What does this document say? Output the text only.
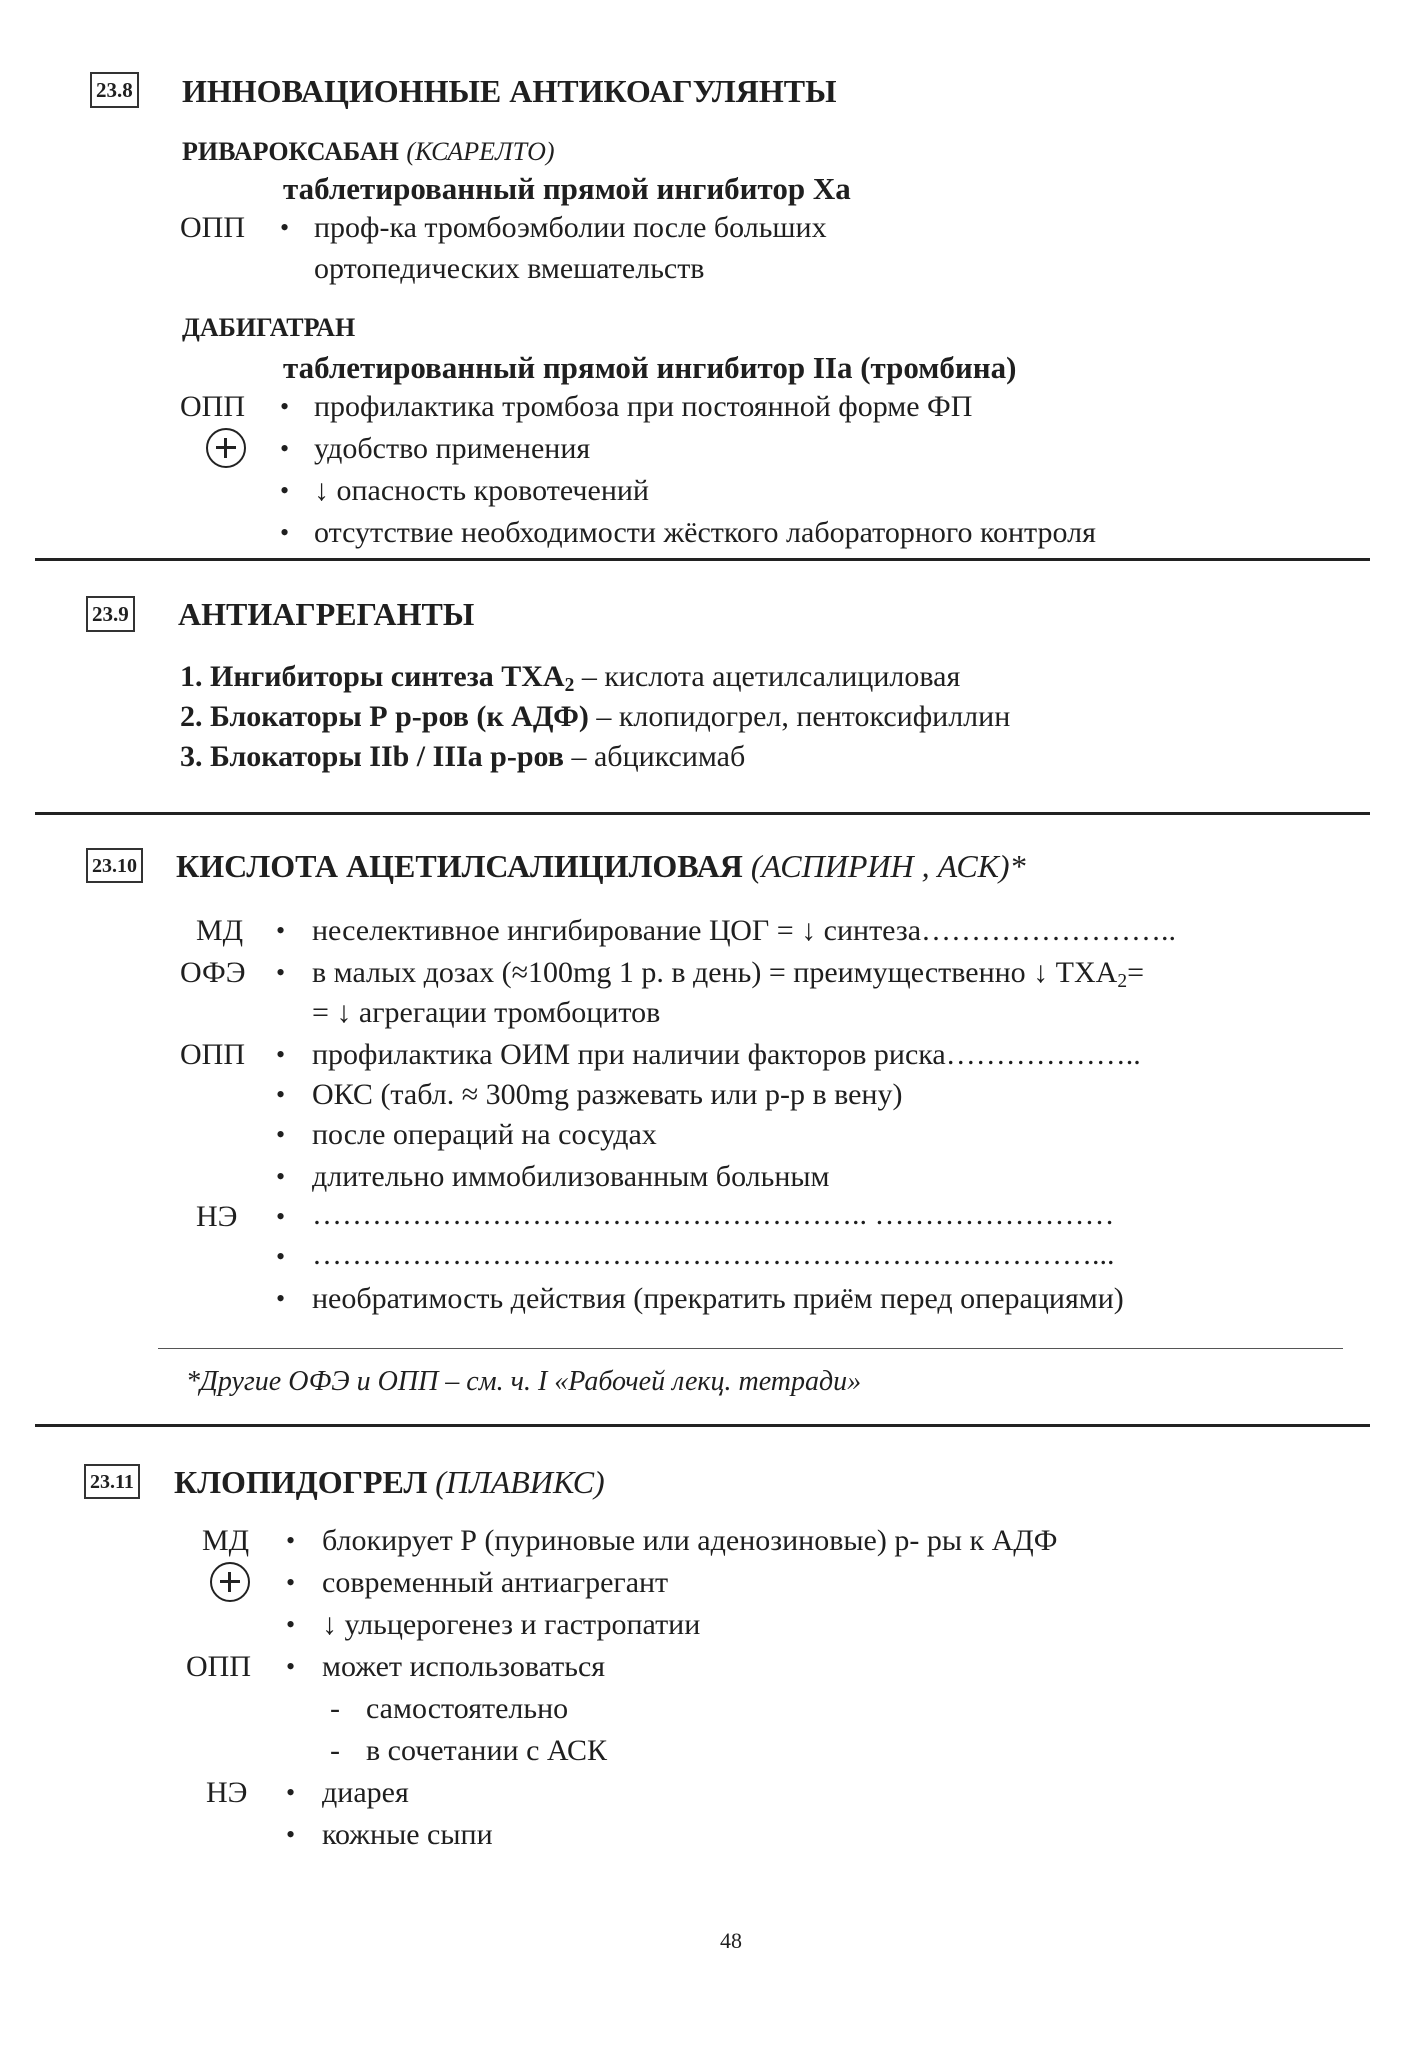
23.8 ИННОВАЦИОННЫЕ АНТИКОАГУЛЯНТЫ
РИВАРОКСАБАН (КСАРЕЛТО)
таблетированный прямой ингибитор Xa
ОПП • проф-ка тромбоэмболии после больших
ортопедических вмешательств
ДАБИГАТРАН
таблетированный прямой ингибитор IIa (тромбина)
ОПП • профилактика тромбоза при постоянной форме ФП
• удобство применения
• ↓ опасность кровотечений
• отсутствие необходимости жёсткого лабораторного контроля
23.9 АНТИАГРЕГАНТЫ
1. Ингибиторы синтеза $ТХА_2$ – кислота ацетилсалициловая
2. Блокаторы Р р-ров (к АДФ) – клопидогрел, пентоксифиллин
3. Блокаторы IIb / IIIa р-ров – абциксимаб
23.10 КИСЛОТА АЦЕТИЛСАЛИЦИЛОВАЯ (АСПИРИН , АСК)*
МД • неселективное ингибирование ЦОГ = ↓ синтеза……………………..
ОФЭ • в малых дозах (≈100mg 1 р. в день) = преимущественно ↓ $ТХА_2=$
= ↓ агрегации тромбоцитов
ОПП • профилактика ОИМ при наличии факторов риска………………..
• ОКС (табл. ≈ 300mg разжевать или р-р в вену)
• после операций на сосудах
• длительно иммобилизованным больным
НЭ • ……………………………………………….. ……………………
• ……………………………………………………………………...
• необратимость действия (прекратить приём перед операциями)
*Другие ОФЭ и ОПП – см. ч. I «Рабочей лекц. тетради»
23.11 КЛОПИДОГРЕЛ (ПЛАВИКС)
МД • блокирует Р (пуриновые или аденозиновые) р- ры к АДФ
• современный антиагрегант
• ↓ ульцерогенез и гастропатии
ОПП • может использоваться
- самостоятельно
- в сочетании с АСК
НЭ • диарея
• кожные сыпи
48
